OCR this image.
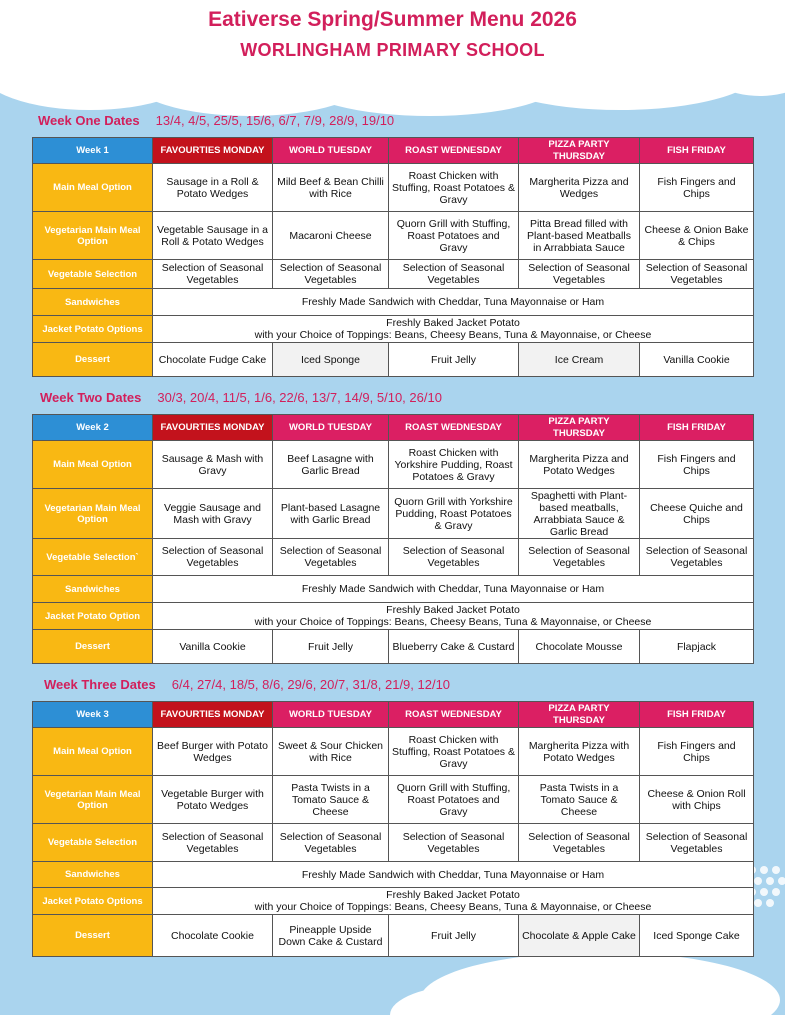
Eativerse Spring/Summer Menu 2026
WORLINGHAM PRIMARY SCHOOL
Week One Dates 13/4, 4/5, 25/5, 15/6, 6/7, 7/9, 28/9, 19/10
Week 1	FAVOURTIES MONDAY	WORLD TUESDAY	ROAST WEDNESDAY	PIZZA PARTY THURSDAY	FISH FRIDAY
Main Meal Option	Sausage in a Roll & Potato Wedges	Mild Beef & Bean Chilli with Rice	Roast Chicken with Stuffing, Roast Potatoes & Gravy	Margherita Pizza and Wedges	Fish Fingers and Chips
Vegetarian Main Meal Option	Vegetable Sausage in a Roll & Potato Wedges	Macaroni Cheese	Quorn Grill with Stuffing, Roast Potatoes and Gravy	Pitta Bread filled with Plant-based Meatballs in Arrabbiata Sauce	Cheese & Onion Bake & Chips
Vegetable Selection	Selection of Seasonal Vegetables	Selection of Seasonal Vegetables	Selection of Seasonal Vegetables	Selection of Seasonal Vegetables	Selection of Seasonal Vegetables
Sandwiches	Freshly Made Sandwich with Cheddar, Tuna Mayonnaise or Ham				
Jacket Potato Options	Freshly Baked Jacket Potato
with your Choice of Toppings: Beans, Cheesy Beans, Tuna & Mayonnaise, or Cheese				
Dessert	Chocolate Fudge Cake	Iced Sponge	Fruit Jelly	Ice Cream	Vanilla Cookie
Week Two Dates 30/3, 20/4, 11/5, 1/6, 22/6, 13/7, 14/9, 5/10, 26/10
Week 2	FAVOURTIES MONDAY	WORLD TUESDAY	ROAST WEDNESDAY	PIZZA PARTY THURSDAY	FISH FRIDAY
Main Meal Option	Sausage & Mash with Gravy	Beef Lasagne with Garlic Bread	Roast Chicken with Yorkshire Pudding, Roast Potatoes & Gravy	Margherita Pizza and Potato Wedges	Fish Fingers and Chips
Vegetarian Main Meal Option	Veggie Sausage and Mash with Gravy	Plant-based Lasagne with Garlic Bread	Quorn Grill with Yorkshire Pudding, Roast Potatoes & Gravy	Spaghetti with Plant-based meatballs, Arrabbiata Sauce & Garlic Bread	Cheese Quiche and Chips
Vegetable Selection`	Selection of Seasonal Vegetables	Selection of Seasonal Vegetables	Selection of Seasonal Vegetables	Selection of Seasonal Vegetables	Selection of Seasonal Vegetables
Sandwiches	Freshly Made Sandwich with Cheddar, Tuna Mayonnaise or Ham				
Jacket Potato Option	Freshly Baked Jacket Potato
with your Choice of Toppings: Beans, Cheesy Beans, Tuna & Mayonnaise, or Cheese				
Dessert	Vanilla Cookie	Fruit Jelly	Blueberry Cake & Custard	Chocolate Mousse	Flapjack
Week Three Dates 6/4, 27/4, 18/5, 8/6, 29/6, 20/7, 31/8, 21/9, 12/10
Week 3	FAVOURTIES MONDAY	WORLD TUESDAY	ROAST WEDNESDAY	PIZZA PARTY THURSDAY	FISH FRIDAY
Main Meal Option	Beef Burger with Potato Wedges	Sweet & Sour Chicken with Rice	Roast Chicken with Stuffing, Roast Potatoes & Gravy	Margherita Pizza with Potato Wedges	Fish Fingers and Chips
Vegetarian Main Meal Option	Vegetable Burger with Potato Wedges	Pasta Twists in a Tomato Sauce & Cheese	Quorn Grill with Stuffing, Roast Potatoes and Gravy	Pasta Twists in a Tomato Sauce & Cheese	Cheese & Onion Roll with Chips
Vegetable Selection	Selection of Seasonal Vegetables	Selection of Seasonal Vegetables	Selection of Seasonal Vegetables	Selection of Seasonal Vegetables	Selection of Seasonal Vegetables
Sandwiches	Freshly Made Sandwich with Cheddar, Tuna Mayonnaise or Ham				
Jacket Potato Options	Freshly Baked Jacket Potato
with your Choice of Toppings: Beans, Cheesy Beans, Tuna & Mayonnaise, or Cheese				
Dessert	Chocolate Cookie	Pineapple Upside Down Cake & Custard	Fruit Jelly	Chocolate & Apple Cake	Iced Sponge Cake
